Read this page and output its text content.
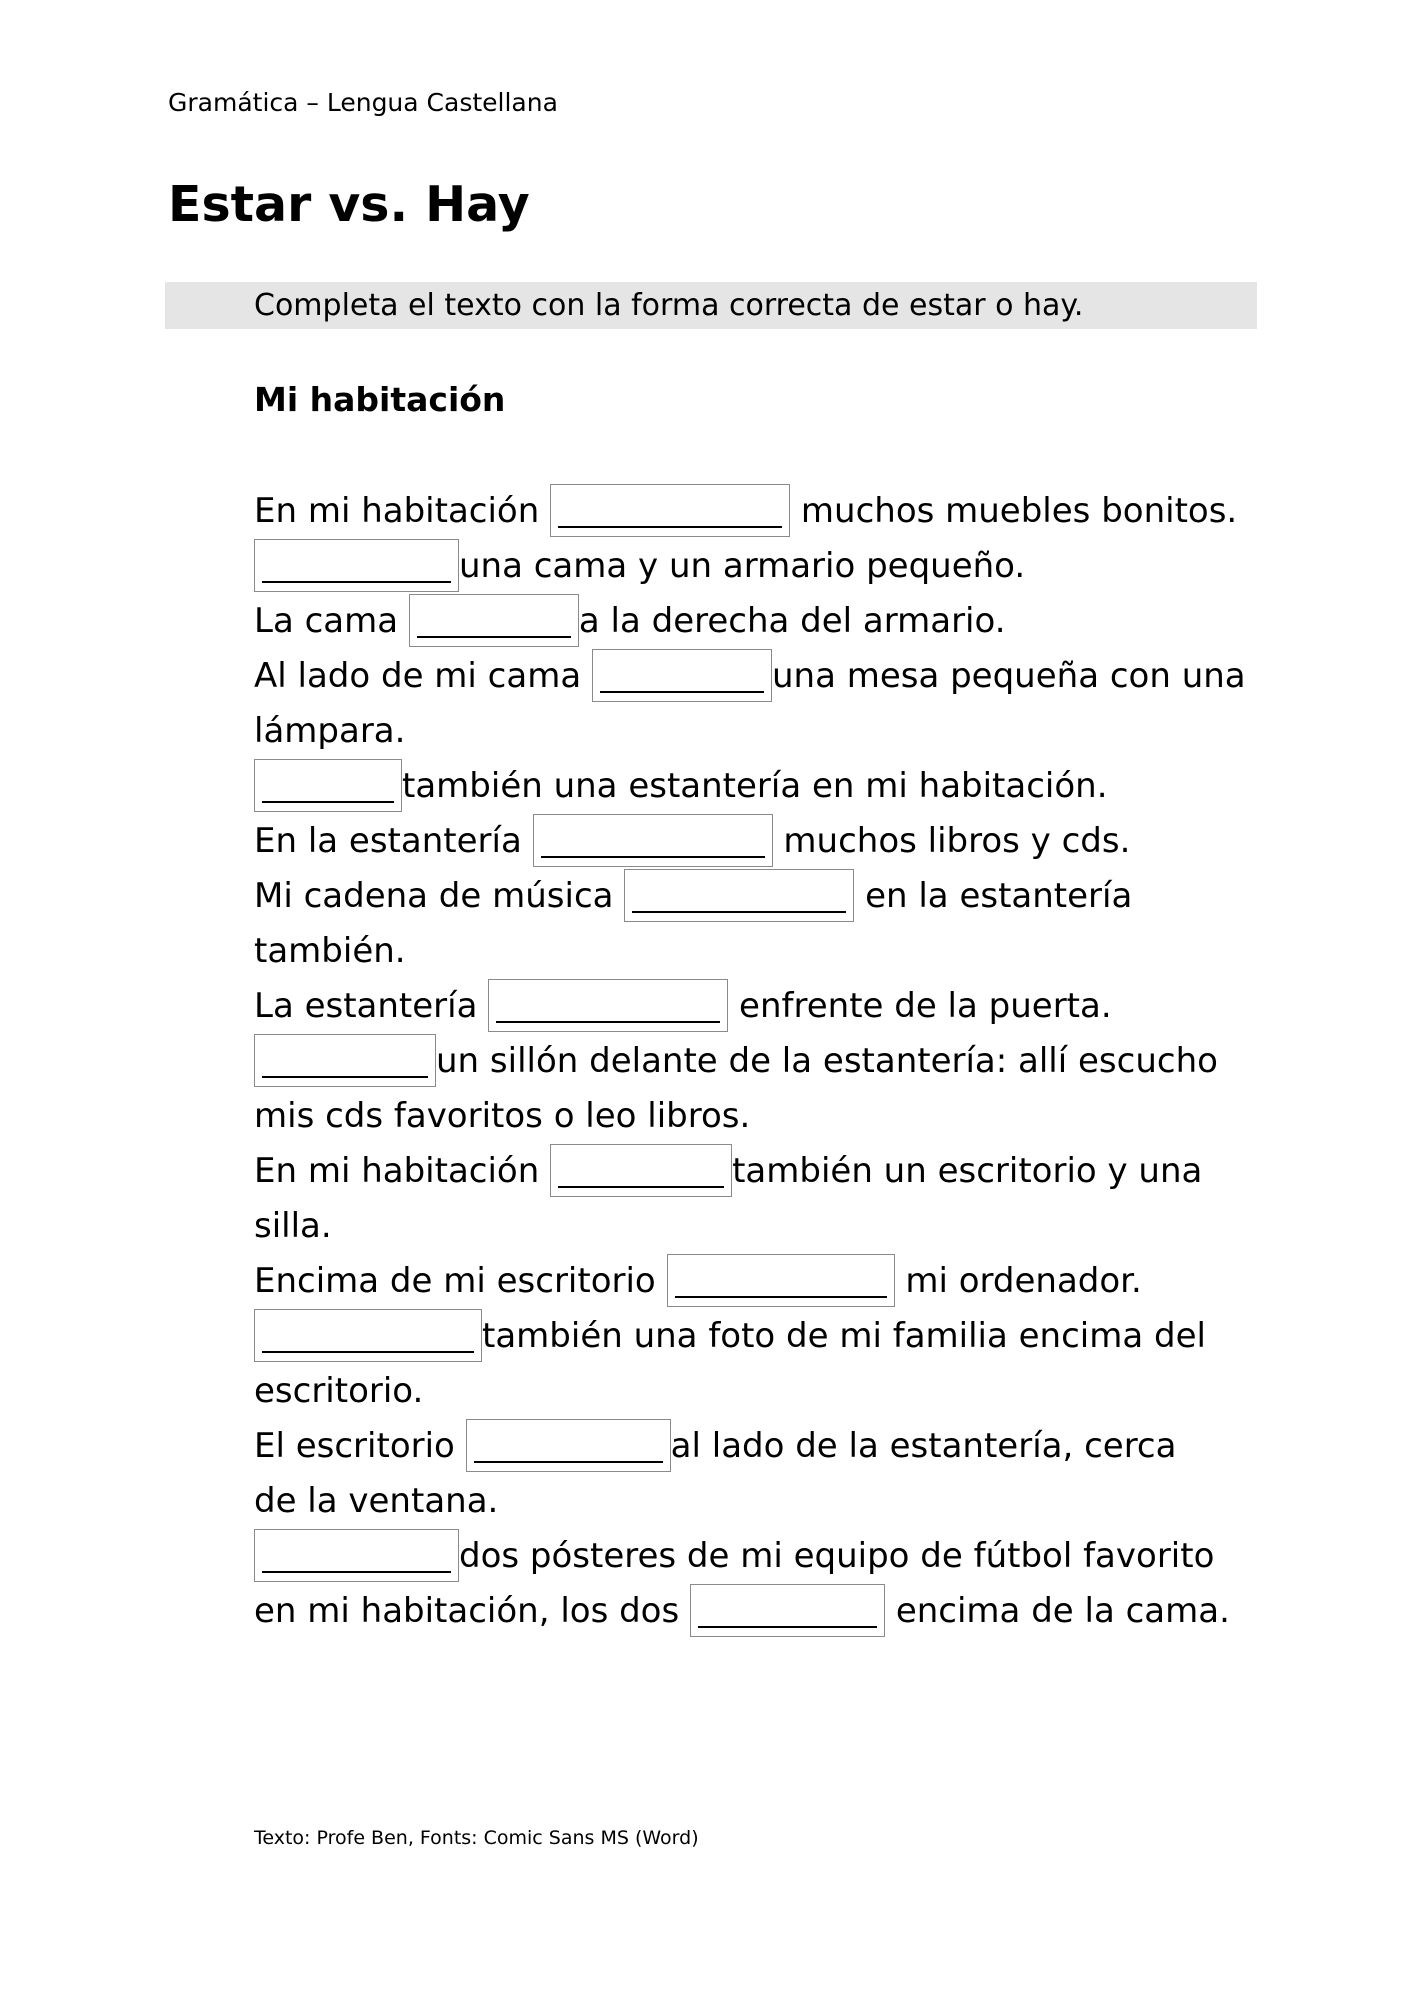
Gramática – Lengua Castellana
Estar vs. Hay
Completa el texto con la forma correcta de estar o hay.
Mi habitación
En mi habitación	muchos muebles bonitos.
una cama y un armario pequeño.
La cama	a la derecha del armario.
Al lado de mi cama	una mesa pequeña con una
lámpara.
también una estantería en mi habitación.
En la estantería	muchos libros y cds.
Mi cadena de música	en la estantería
también.
La estantería	enfrente de la puerta.
un sillón delante de la estantería: allí escucho
mis cds favoritos o leo libros.
En mi habitación	también un escritorio y una
silla.
Encima de mi escritorio	mi ordenador.
también una foto de mi familia encima del
escritorio.
El escritorio	al lado de la estantería, cerca
de la ventana.
dos pósteres de mi equipo de fútbol favorito
en mi habitación, los dos	encima de la cama.
Texto: Profe Ben, Fonts: Comic Sans MS (Word)
